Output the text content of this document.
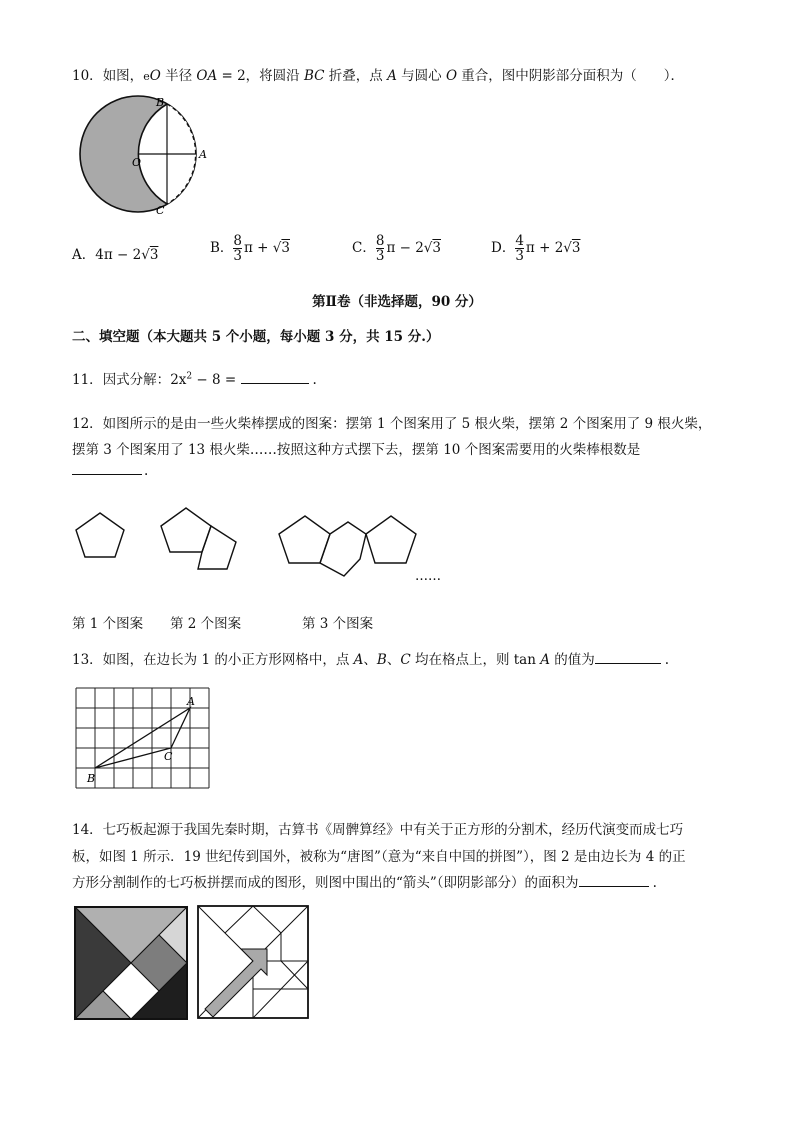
10．如图，eO 半径 OA = 2，将圆沿 BC 折叠，点 A 与圆心 O 重合，图中阴影部分面积为（　　）．
B
O
A
C
A．4π − 2√3	B． $\frac{8}{3}$ π + √3	C． $\frac{8}{3}$ π − 2√3	D． $\frac{4}{3}$ π + 2√3
第Ⅱ卷（非选择题，90 分）
二、填空题（本大题共 5 个小题，每小题 3 分，共 15 分.）
11．因式分解：$2x^2 - 8$ =	.
12．如图所示的是由一些火柴棒摆成的图案：摆第 1 个图案用了 5 根火柴，摆第 2 个图案用了 9 根火柴，
摆第 3 个图案用了 13 根火柴……按照这种方式摆下去，摆第 10 个图案需要用的火柴棒根数是
.
……
第 1 个图案 第 2 个图案	第 3 个图案
13．如图，在边长为 1 的小正方形网格中，点 A、B、C 均在格点上，则 tan A 的值为	.
A
B
C
14．七巧板起源于我国先秦时期，古算书《周髀算经》中有关于正方形的分割术，经历代演变而成七巧
板，如图 1 所示．19 世纪传到国外，被称为“唐图”（意为“来自中国的拼图”），图 2 是由边长为 4 的正
方形分割制作的七巧板拼摆而成的图形，则图中围出的“箭头”（即阴影部分）的面积为	.
